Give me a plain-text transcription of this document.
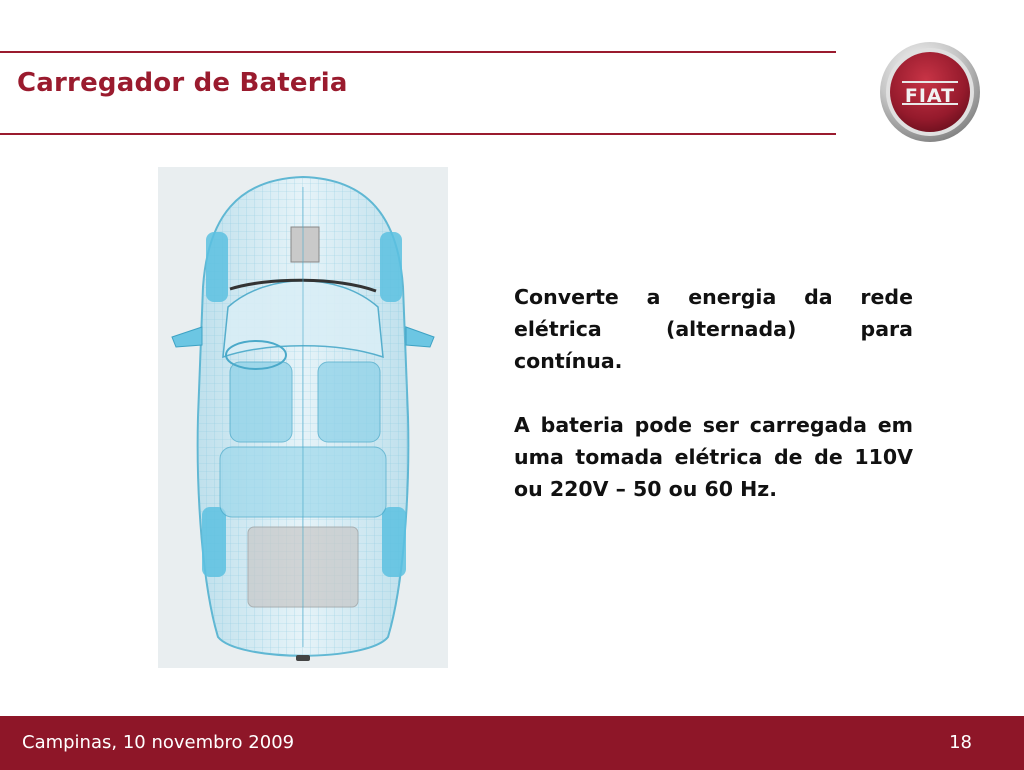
Carregador de Bateria	FIAT

Converte a energia da rede elétrica (alternada) para contínua.

A bateria pode ser carregada em uma tomada elétrica de de 110V ou 220V – 50 ou 60 Hz.

Campinas, 10 novembro 2009	18
